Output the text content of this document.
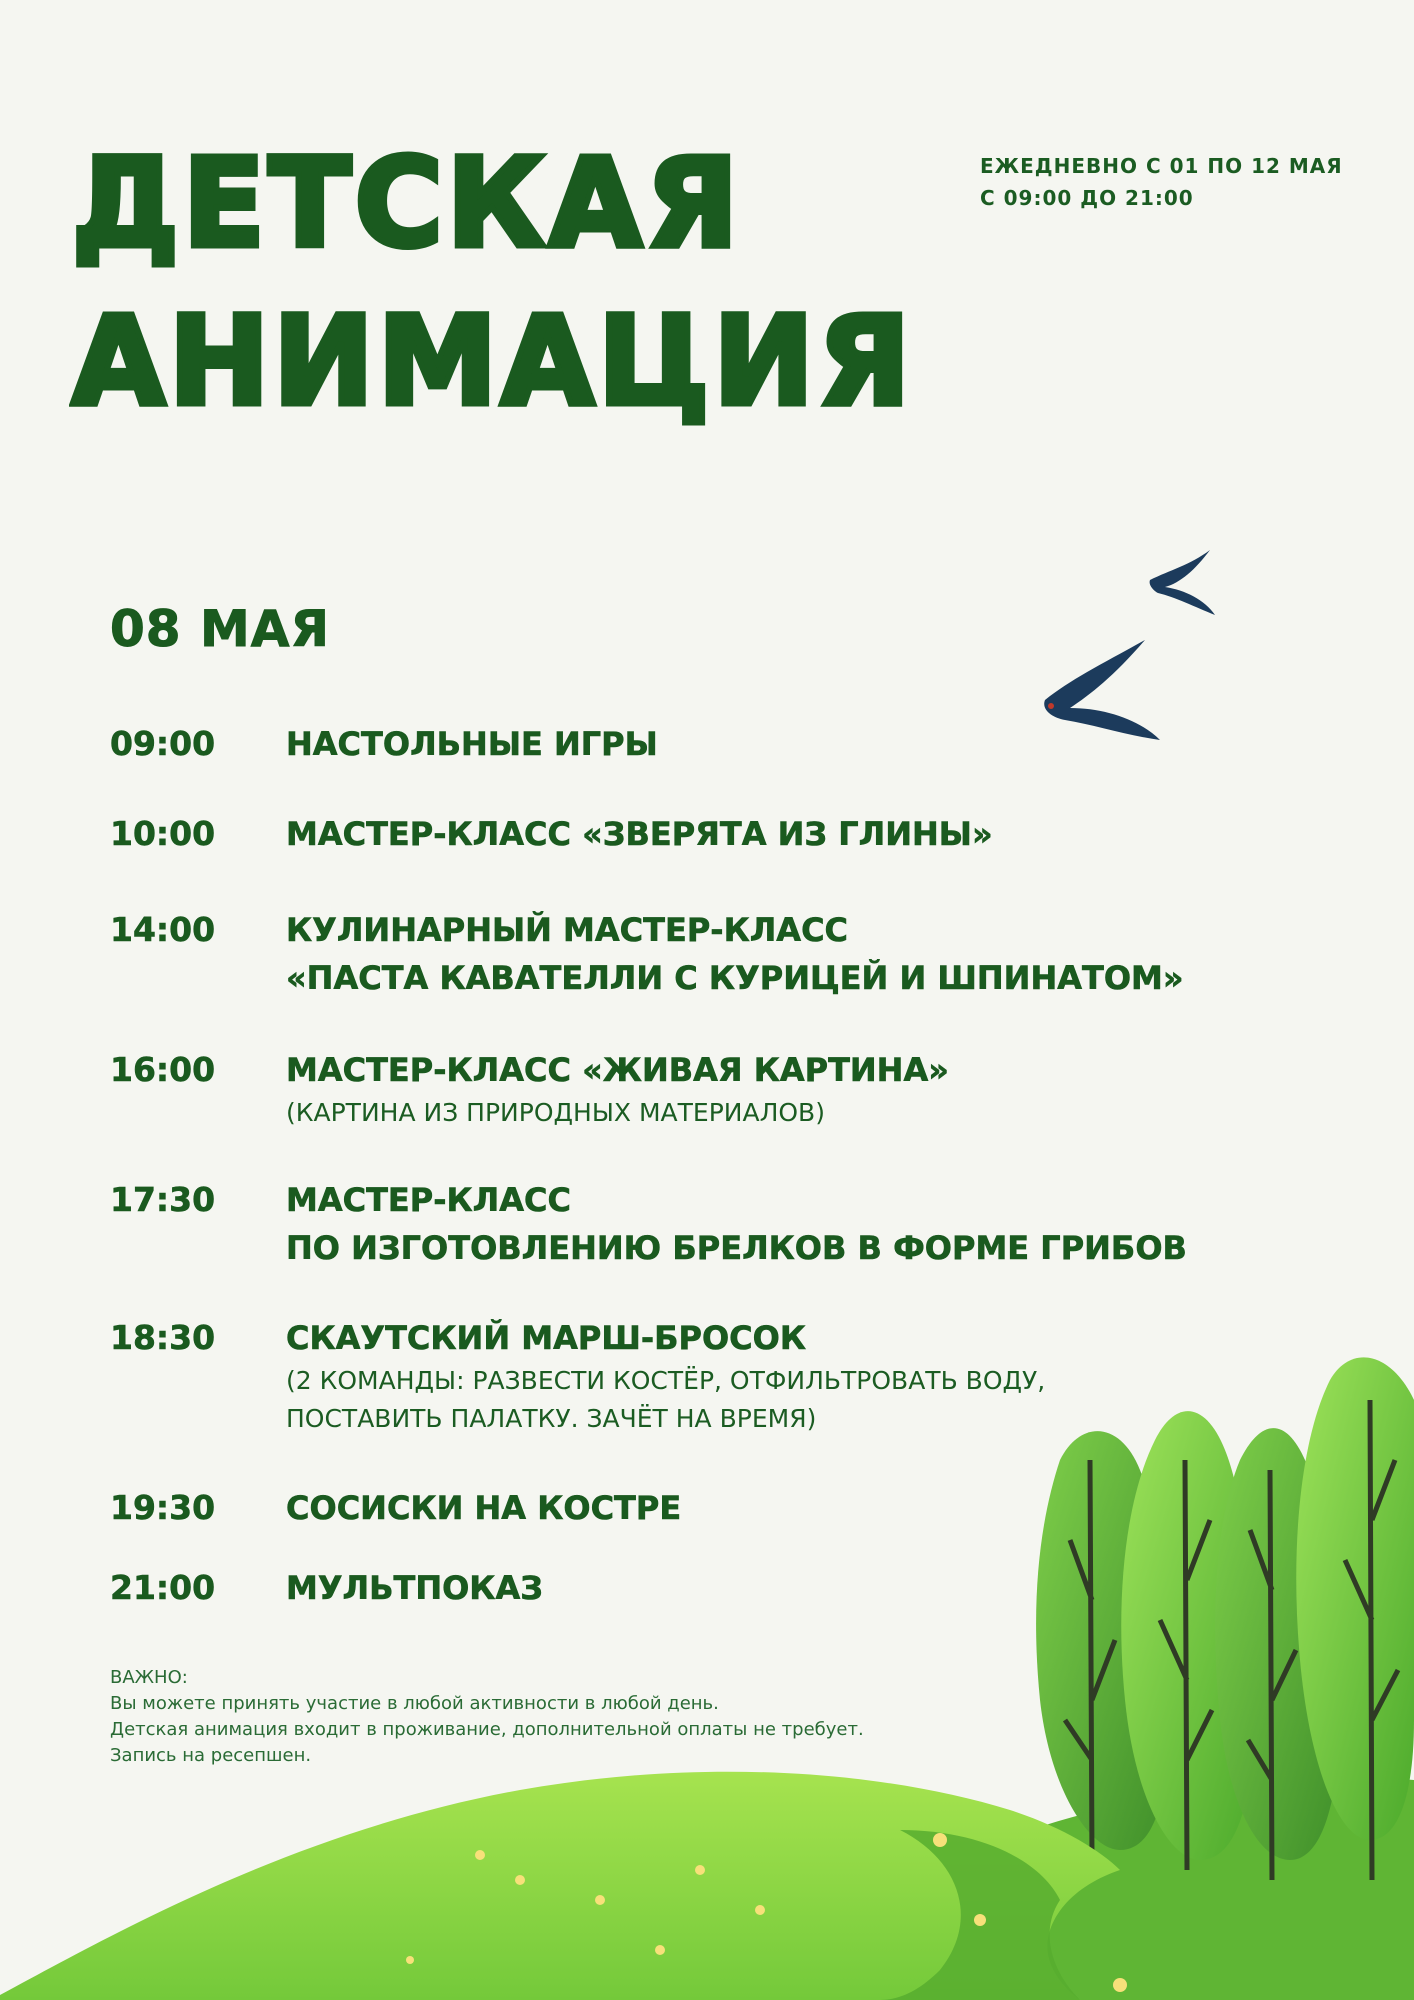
ДЕТСКАЯ
АНИМАЦИЯ
ЕЖЕДНЕВНО С 01 ПО 12 МАЯ
С 09:00 ДО 21:00
08 МАЯ
09:00	НАСТОЛЬНЫЕ ИГРЫ
10:00	МАСТЕР-КЛАСС «ЗВЕРЯТА ИЗ ГЛИНЫ»
14:00	КУЛИНАРНЫЙ МАСТЕР-КЛАСС
«ПАСТА КАВАТЕЛЛИ С КУРИЦЕЙ И ШПИНАТОМ»
16:00	МАСТЕР-КЛАСС «ЖИВАЯ КАРТИНА»
(КАРТИНА ИЗ ПРИРОДНЫХ МАТЕРИАЛОВ)
17:30	МАСТЕР-КЛАСС
ПО ИЗГОТОВЛЕНИЮ БРЕЛКОВ В ФОРМЕ ГРИБОВ
18:30	СКАУТСКИЙ МАРШ-БРОСОК
(2 КОМАНДЫ: РАЗВЕСТИ КОСТЁР, ОТФИЛЬТРОВАТЬ ВОДУ,
ПОСТАВИТЬ ПАЛАТКУ. ЗАЧЁТ НА ВРЕМЯ)
19:30	СОСИСКИ НА КОСТРЕ
21:00	МУЛЬТПОКАЗ
ВАЖНО:
Вы можете принять участие в любой активности в любой день.
Детская анимация входит в проживание, дополнительной оплаты не требует.
Запись на ресепшен.
